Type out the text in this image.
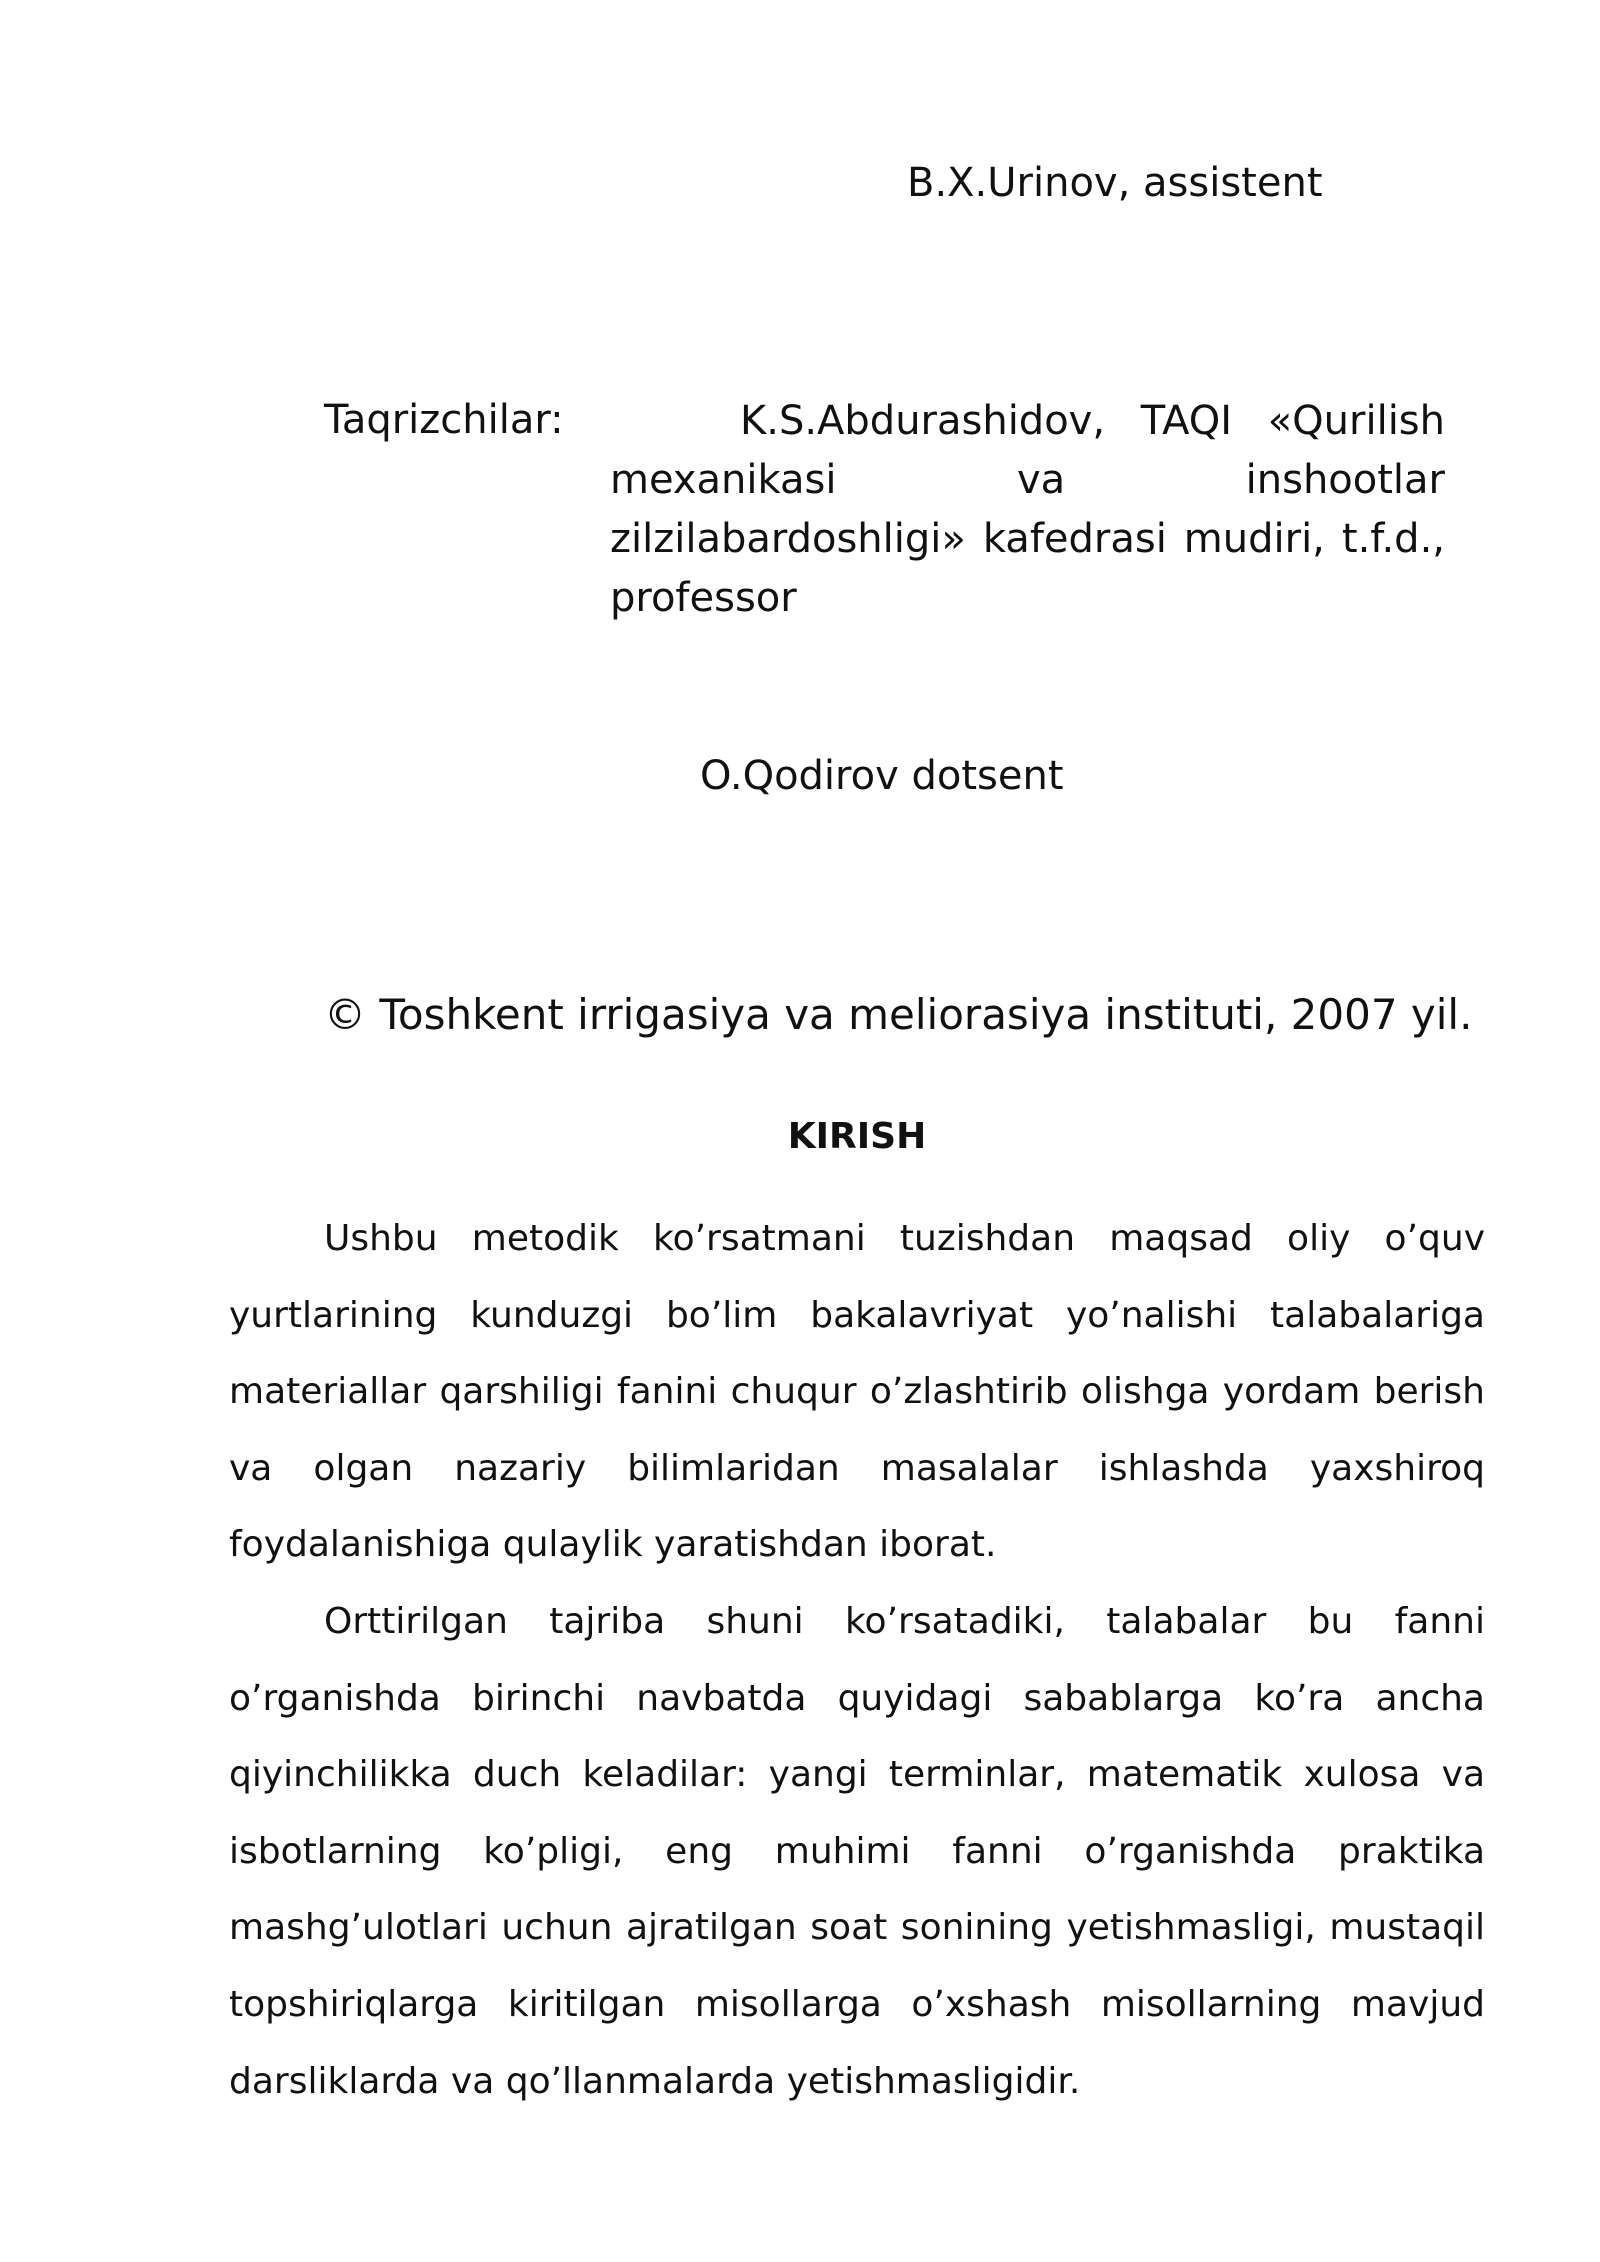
B.X.Urinov, assistent
Taqrizchilar:	K.S.Abdurashidov, TAQI «Qurilish mexanikasi va inshootlar zilzilabardoshligi» kafedrasi mudiri, t.f.d., professor
O.Qodirov dotsent
© Toshkent irrigasiya va meliorasiya instituti, 2007 yil.
KIRISH

Ushbu metodik ko’rsatmani tuzishdan maqsad oliy o’quv yurtlarining kunduzgi bo’lim bakalavriyat yo’nalishi talabalariga materiallar qarshiligi fanini chuqur o’zlashtirib olishga yordam berish va olgan nazariy bilimlaridan masalalar ishlashda yaxshiroq foydalanishiga qulaylik yaratishdan iborat.

Orttirilgan tajriba shuni ko’rsatadiki, talabalar bu fanni o’rganishda birinchi navbatda quyidagi sabablarga ko’ra ancha qiyinchilikka duch keladilar: yangi terminlar, matematik xulosa va isbotlarning ko’pligi, eng muhimi fanni o’rganishda praktika mashg’ulotlari uchun ajratilgan soat sonining yetishmasligi, mustaqil topshiriqlarga kiritilgan misollarga o’xshash misollarning mavjud darsliklarda va qo’llanmalarda yetishmasligidir.
